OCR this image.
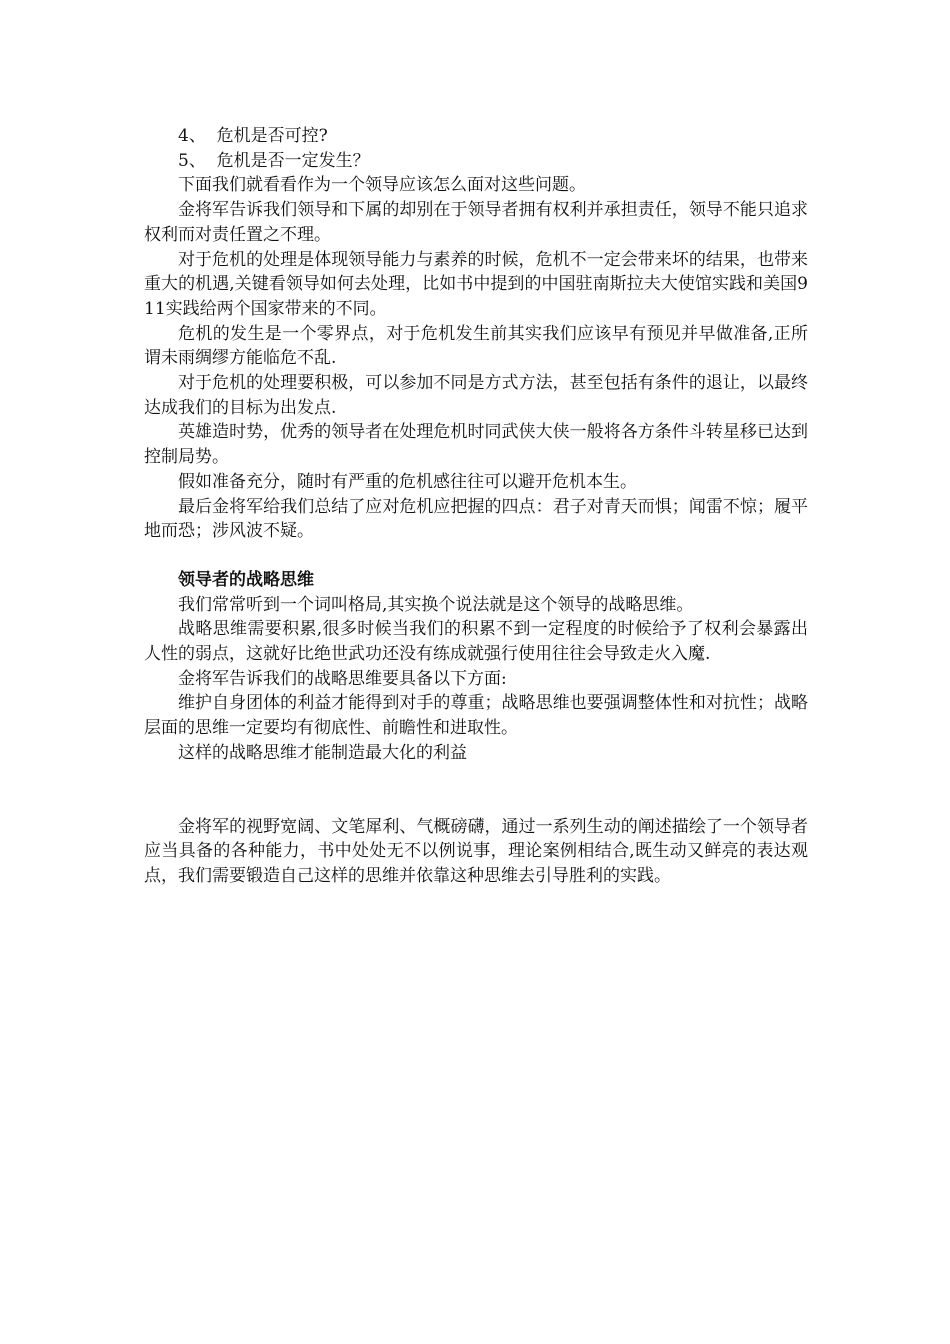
4、 危机是否可控?

5、 危机是否一定发生？

下面我们就看看作为一个领导应该怎么面对这些问题。

金将军告诉我们领导和下属的却别在于领导者拥有权利并承担责任，领导不能只追求权利而对责任置之不理。

对于危机的处理是体现领导能力与素养的时候，危机不一定会带来坏的结果，也带来重大的机遇,关键看领导如何去处理，比如书中提到的中国驻南斯拉夫大使馆实践和美国911实践给两个国家带来的不同。

危机的发生是一个零界点，对于危机发生前其实我们应该早有预见并早做准备,正所谓未雨绸缪方能临危不乱.

对于危机的处理要积极，可以参加不同是方式方法，甚至包括有条件的退让，以最终达成我们的目标为出发点.

英雄造时势，优秀的领导者在处理危机时同武侠大侠一般将各方条件斗转星移已达到控制局势。

假如准备充分，随时有严重的危机感往往可以避开危机本生。

最后金将军给我们总结了应对危机应把握的四点：君子对青天而惧；闻雷不惊；履平地而恐；涉风波不疑。

领导者的战略思维

我们常常听到一个词叫格局,其实换个说法就是这个领导的战略思维。

战略思维需要积累,很多时候当我们的积累不到一定程度的时候给予了权利会暴露出人性的弱点，这就好比绝世武功还没有练成就强行使用往往会导致走火入魔.

金将军告诉我们的战略思维要具备以下方面:

维护自身团体的利益才能得到对手的尊重；战略思维也要强调整体性和对抗性；战略层面的思维一定要均有彻底性、前瞻性和进取性。

这样的战略思维才能制造最大化的利益

金将军的视野宽阔、文笔犀利、气概磅礴，通过一系列生动的阐述描绘了一个领导者应当具备的各种能力，书中处处无不以例说事，理论案例相结合,既生动又鲜亮的表达观点，我们需要锻造自己这样的思维并依靠这种思维去引导胜利的实践。
